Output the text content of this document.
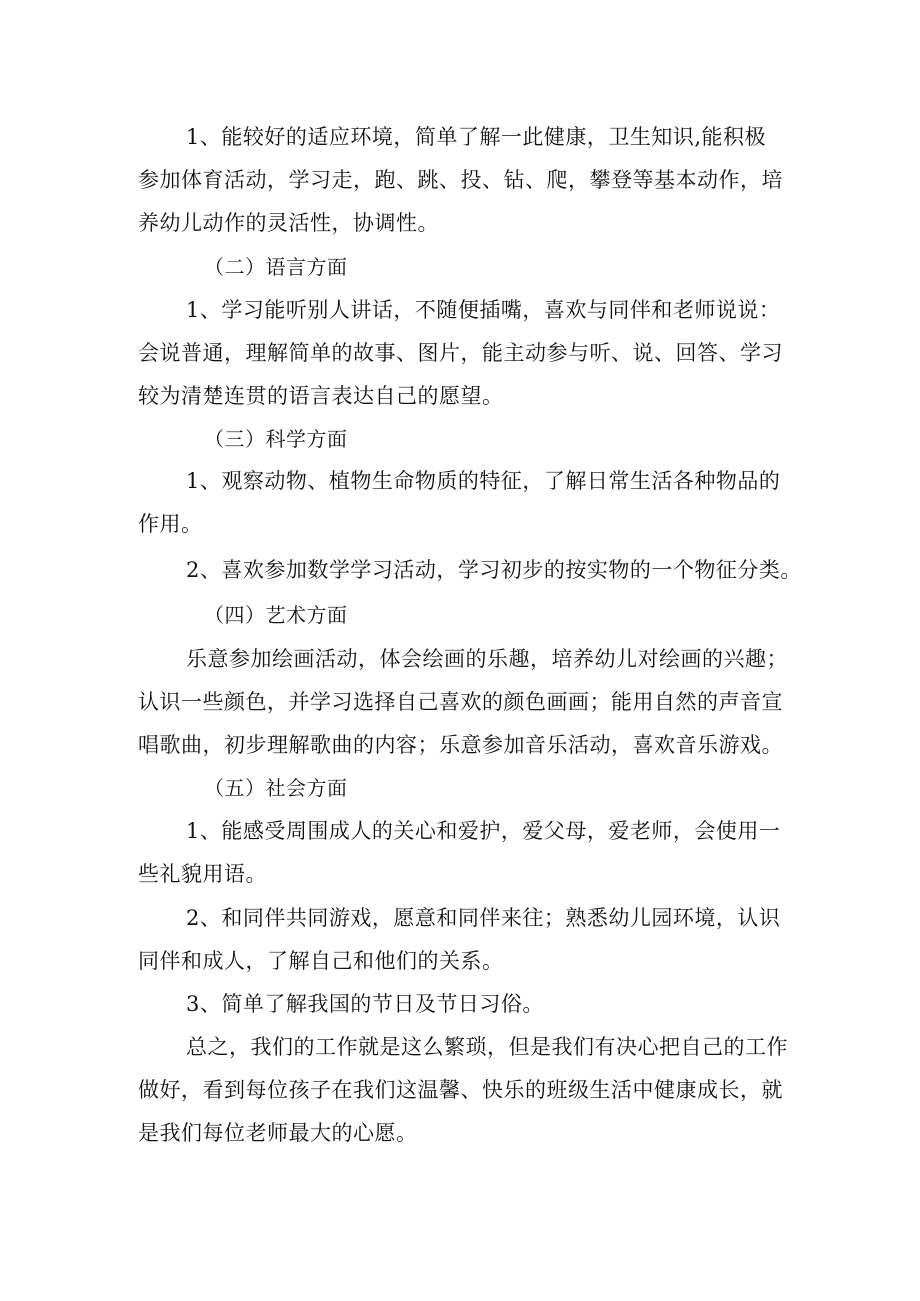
1、能较好的适应环境，简单了解一此健康，卫生知识,能积极
参加体育活动，学习走，跑、跳、投、钻、爬，攀登等基本动作，培
养幼儿动作的灵活性，协调性。
（二）语言方面
1、学习能听别人讲话，不随便插嘴，喜欢与同伴和老师说说：
会说普通，理解简单的故事、图片，能主动参与听、说、回答、学习
较为清楚连贯的语言表达自己的愿望。
（三）科学方面
1、观察动物、植物生命物质的特征，了解日常生活各种物品的
作用。
2、喜欢参加数学学习活动，学习初步的按实物的一个物征分类。
（四）艺术方面
乐意参加绘画活动，体会绘画的乐趣，培养幼儿对绘画的兴趣；
认识一些颜色，并学习选择自己喜欢的颜色画画；能用自然的声音宣
唱歌曲，初步理解歌曲的内容；乐意参加音乐活动，喜欢音乐游戏。
（五）社会方面
1、能感受周围成人的关心和爱护，爱父母，爱老师，会使用一
些礼貌用语。
2、和同伴共同游戏，愿意和同伴来往；熟悉幼儿园环境，认识
同伴和成人，了解自己和他们的关系。
3、简单了解我国的节日及节日习俗。
总之，我们的工作就是这么繁琐，但是我们有决心把自己的工作
做好，看到每位孩子在我们这温馨、快乐的班级生活中健康成长，就
是我们每位老师最大的心愿。
